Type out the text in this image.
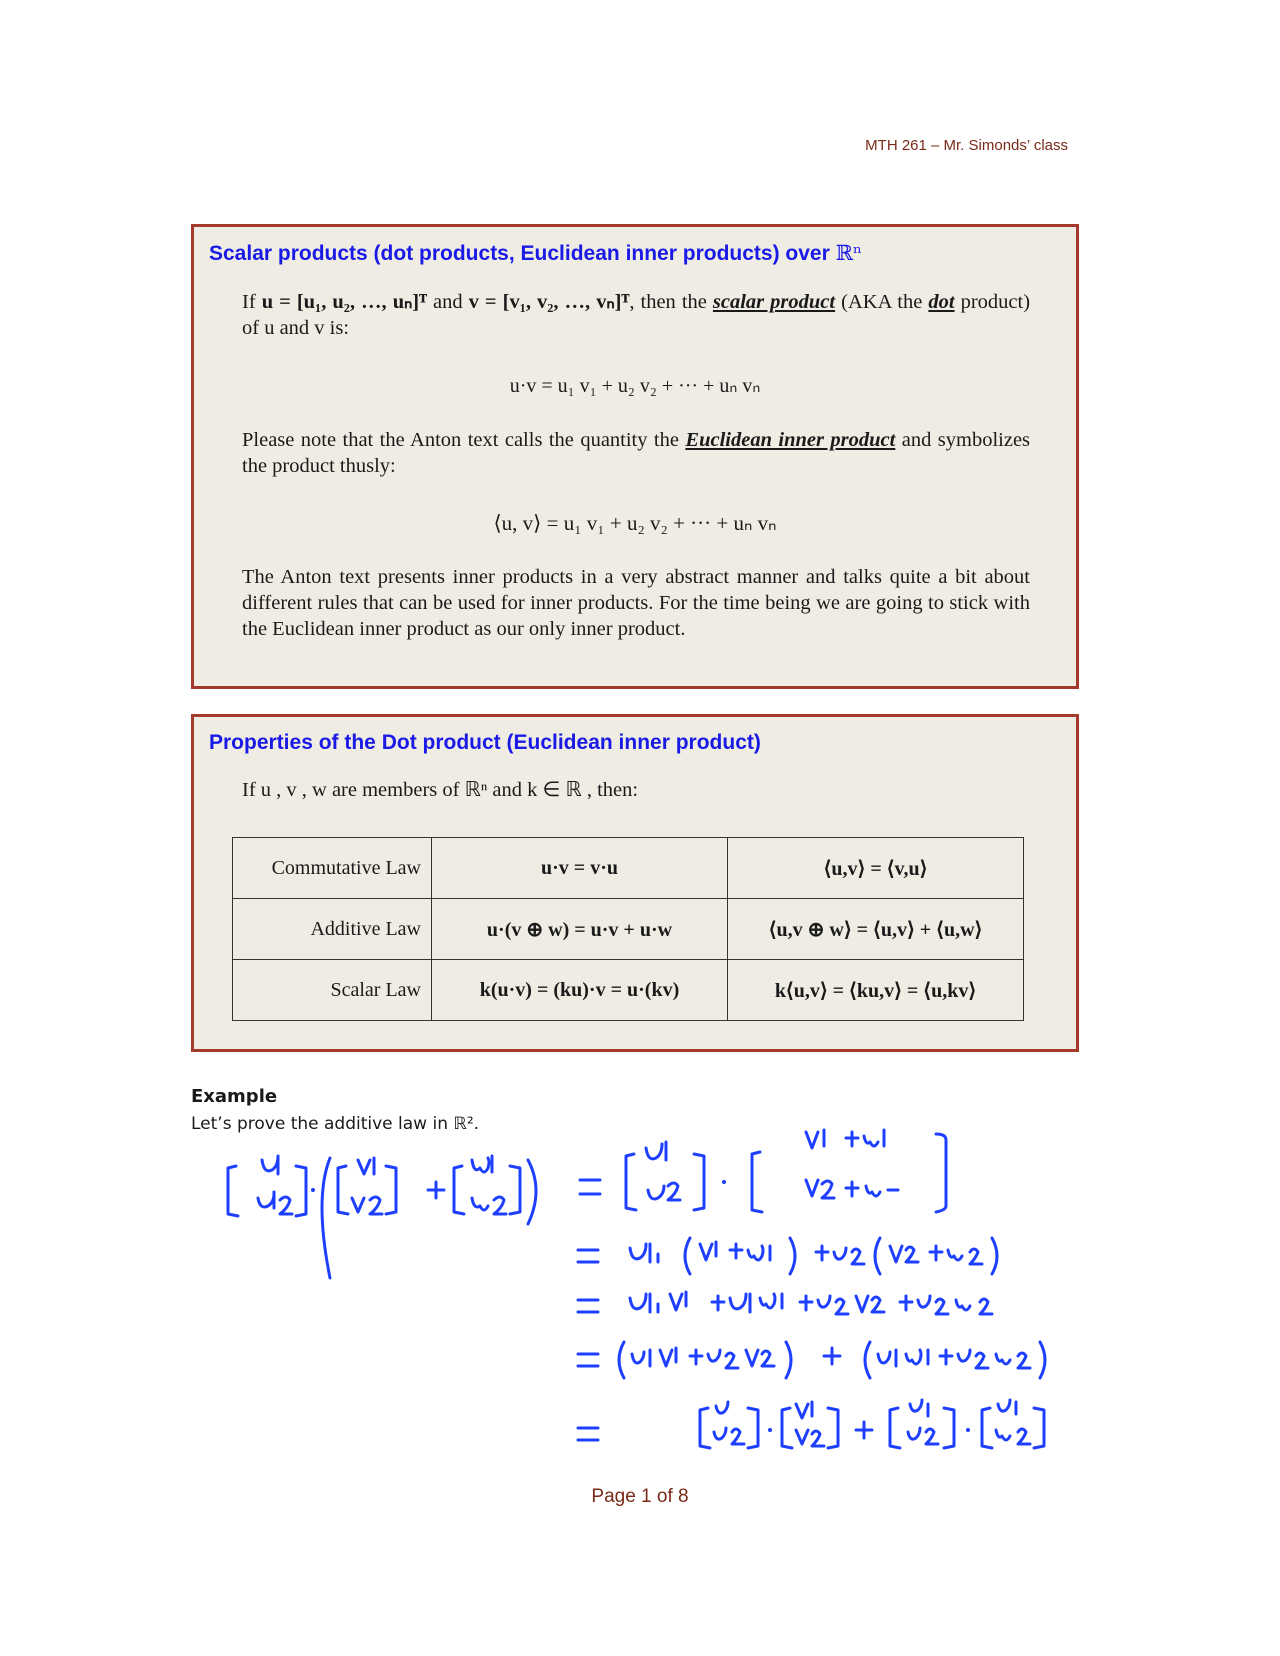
MTH 261 – Mr. Simonds’ class
Scalar products (dot products, Euclidean inner products) over ℝⁿ
If u = [u₁, u₂, …, uₙ]ᵀ and v = [v₁, v₂, …, vₙ]ᵀ, then the scalar product (AKA the dot product) of u and v is:
u·v = u₁ v₁ + u₂ v₂ + ··· + uₙ vₙ
Please note that the Anton text calls the quantity the Euclidean inner product and symbolizes the product thusly:
⟨u, v⟩ = u₁ v₁ + u₂ v₂ + ··· + uₙ vₙ
The Anton text presents inner products in a very abstract manner and talks quite a bit about different rules that can be used for inner products. For the time being we are going to stick with the Euclidean inner product as our only inner product.
Properties of the Dot product (Euclidean inner product)
If u , v , w are members of ℝⁿ and k ∈ ℝ , then:
Commutative Law	u·v = v·u	⟨u,v⟩ = ⟨v,u⟩
Additive Law	u·(v ⊕ w) = u·v + u·w	⟨u,v ⊕ w⟩ = ⟨u,v⟩ + ⟨u,w⟩
Scalar Law	k(u·v) = (ku)·v = u·(kv)	k⟨u,v⟩ = ⟨ku,v⟩ = ⟨u,kv⟩
Example
Let’s prove the additive law in ℝ².
Page 1 of 8
